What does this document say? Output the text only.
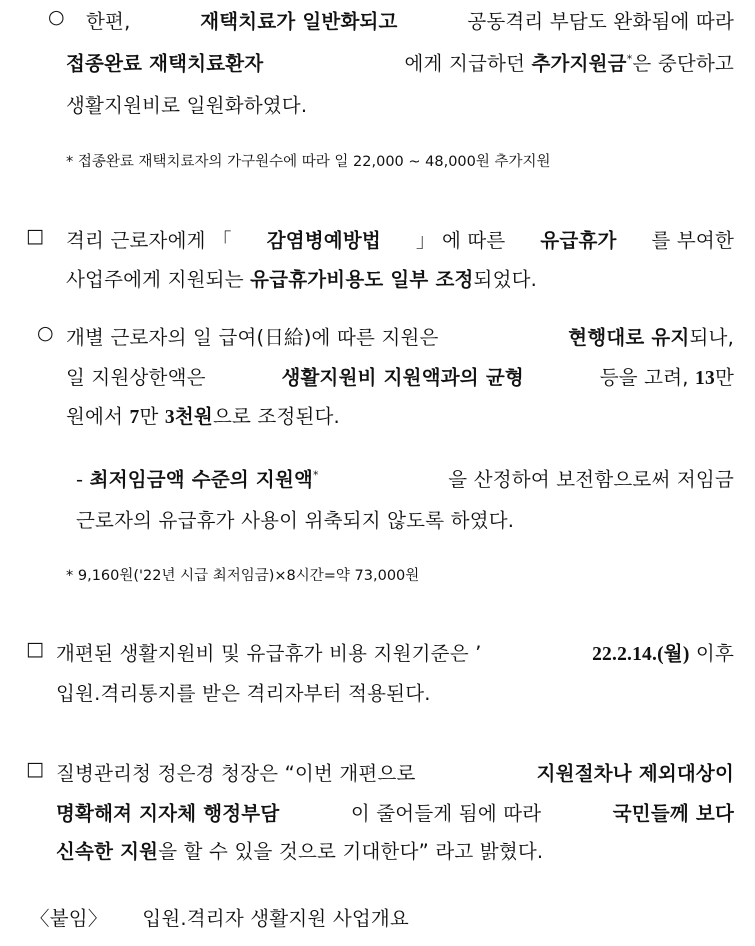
○ 한편,	재택치료가 일반화되고	공동격리 부담도 완화됨에 따라
접종완료 재택치료환자	에게 지급하던 추가지원금*은 중단하고
생활지원비로 일원화하였다.
* 접종완료 재택치료자의 가구원수에 따라 일 22,000 ~ 48,000원 추가지원
□ 격리 근로자에게 「 감염병예방법 」 에 따른 유급휴가 를 부여한
사업주에게 지원되는 유급휴가비용도 일부 조정되었다.
○ 개별 근로자의 일 급여(日給)에 따른 지원은	현행대로 유지되나,
일 지원상한액은	생활지원비 지원액과의 균형	등을 고려, 13만
원에서 7만 3천원으로 조정된다.
- 최저임금액 수준의 지원액*	을 산정하여 보전함으로써 저임금
근로자의 유급휴가 사용이 위축되지 않도록 하였다.
* 9,160원('22년 시급 최저임금)×8시간=약 73,000원
□ 개편된 생활지원비 및 유급휴가 비용 지원기준은 ’	22.2.14.(월) 이후
입원.격리통지를 받은 격리자부터 적용된다.
□ 질병관리청 정은경 청장은 “이번 개편으로	지원절차나 제외대상이
명확해져 지자체 행정부담	이 줄어들게 됨에 따라	국민들께 보다
신속한 지원을 할 수 있을 것으로 기대한다” 라고 밝혔다.
〈붙임〉 입원.격리자 생활지원 사업개요
